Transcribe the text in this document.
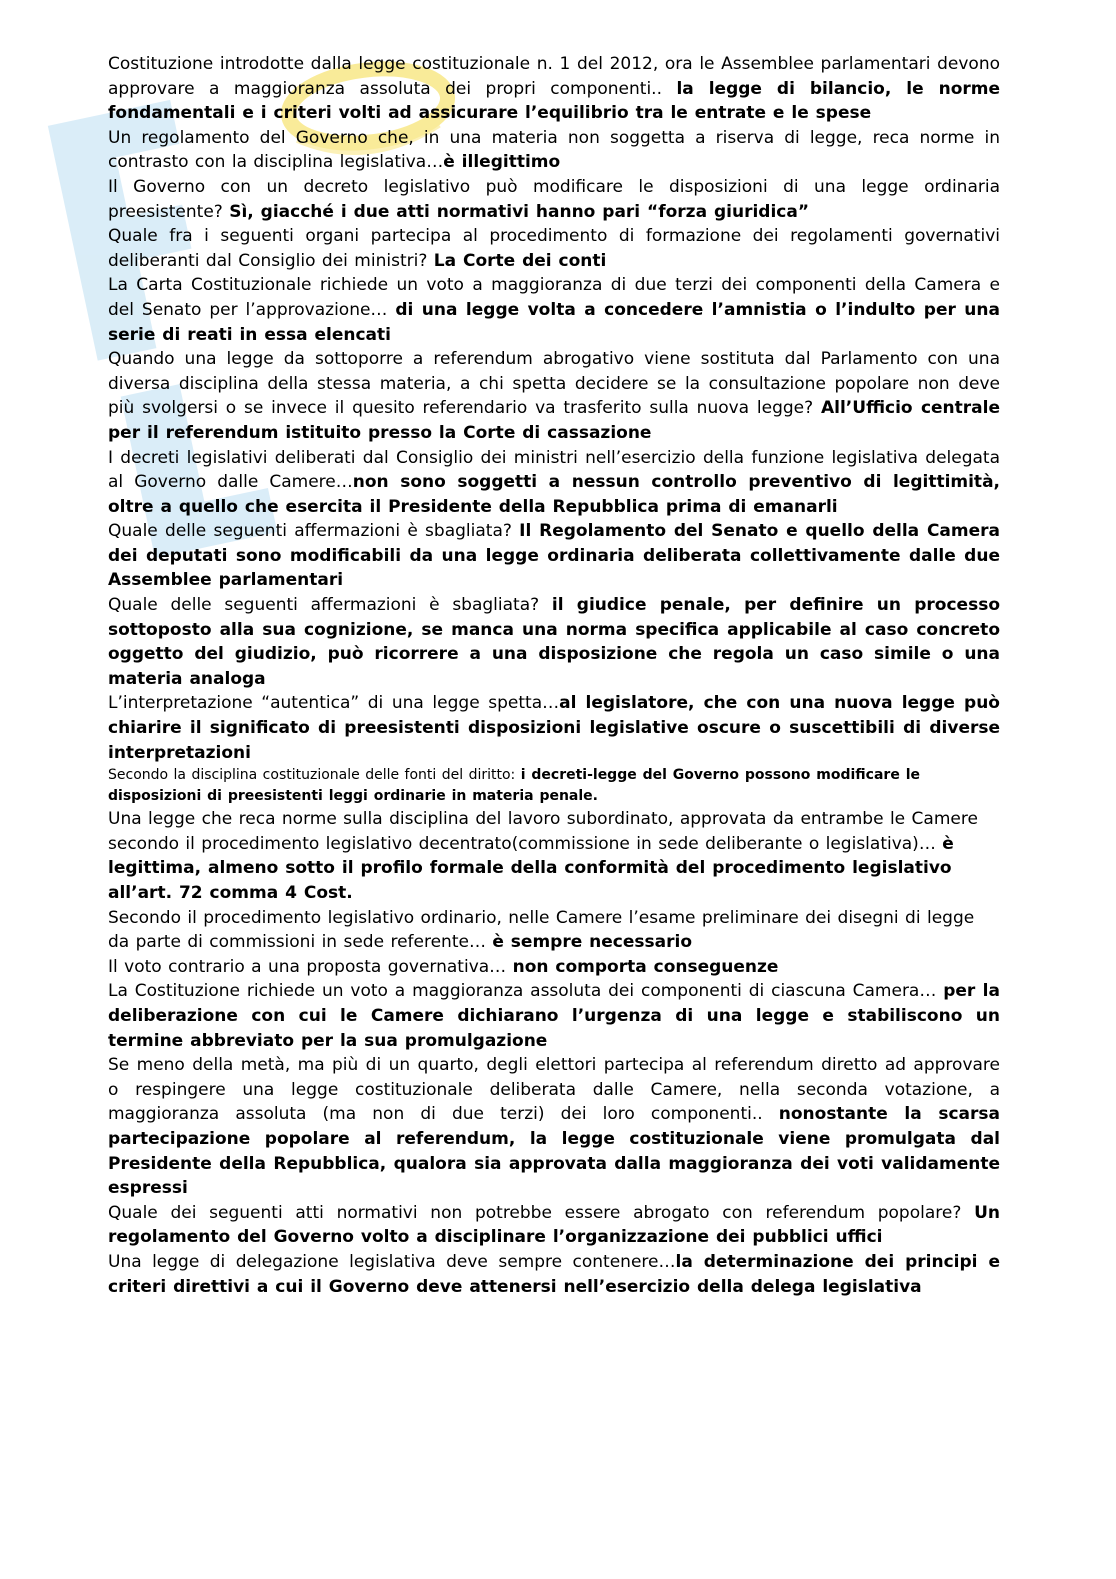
Costituzione introdotte dalla legge costituzionale n. 1 del 2012, ora le Assemblee parlamentari devono approvare a maggioranza assoluta dei propri componenti.. la legge di bilancio, le norme fondamentali e i criteri volti ad assicurare l’equilibrio tra le entrate e le spese

Un regolamento del Governo che, in una materia non soggetta a riserva di legge, reca norme in contrasto con la disciplina legislativa…è illegittimo

Il Governo con un decreto legislativo può modificare le disposizioni di una legge ordinaria preesistente? Sì, giacché i due atti normativi hanno pari “forza giuridica”

Quale fra i seguenti organi partecipa al procedimento di formazione dei regolamenti governativi deliberanti dal Consiglio dei ministri? La Corte dei conti

La Carta Costituzionale richiede un voto a maggioranza di due terzi dei componenti della Camera e del Senato per l’approvazione… di una legge volta a concedere l’amnistia o l’indulto per una serie di reati in essa elencati

Quando una legge da sottoporre a referendum abrogativo viene sostituta dal Parlamento con una diversa disciplina della stessa materia, a chi spetta decidere se la consultazione popolare non deve più svolgersi o se invece il quesito referendario va trasferito sulla nuova legge? All’Ufficio centrale per il referendum istituito presso la Corte di cassazione

I decreti legislativi deliberati dal Consiglio dei ministri nell’esercizio della funzione legislativa delegata al Governo dalle Camere…non sono soggetti a nessun controllo preventivo di legittimità, oltre a quello che esercita il Presidente della Repubblica prima di emanarli

Quale delle seguenti affermazioni è sbagliata? Il Regolamento del Senato e quello della Camera dei deputati sono modificabili da una legge ordinaria deliberata collettivamente dalle due Assemblee parlamentari

Quale delle seguenti affermazioni è sbagliata? il giudice penale, per definire un processo sottoposto alla sua cognizione, se manca una norma specifica applicabile al caso concreto oggetto del giudizio, può ricorrere a una disposizione che regola un caso simile o una materia analoga

L’interpretazione “autentica” di una legge spetta…al legislatore, che con una nuova legge può chiarire il significato di preesistenti disposizioni legislative oscure o suscettibili di diverse interpretazioni

Secondo la disciplina costituzionale delle fonti del diritto: i decreti-legge del Governo possono modificare le disposizioni di preesistenti leggi ordinarie in materia penale.

Una legge che reca norme sulla disciplina del lavoro subordinato, approvata da entrambe le Camere secondo il procedimento legislativo decentrato(commissione in sede deliberante o legislativa)… è legittima, almeno sotto il profilo formale della conformità del procedimento legislativo all’art. 72 comma 4 Cost.

Secondo il procedimento legislativo ordinario, nelle Camere l’esame preliminare dei disegni di legge da parte di commissioni in sede referente… è sempre necessario

Il voto contrario a una proposta governativa… non comporta conseguenze

La Costituzione richiede un voto a maggioranza assoluta dei componenti di ciascuna Camera… per la deliberazione con cui le Camere dichiarano l’urgenza di una legge e stabiliscono un termine abbreviato per la sua promulgazione

Se meno della metà, ma più di un quarto, degli elettori partecipa al referendum diretto ad approvare o respingere una legge costituzionale deliberata dalle Camere, nella seconda votazione, a maggioranza assoluta (ma non di due terzi) dei loro componenti.. nonostante la scarsa partecipazione popolare al referendum, la legge costituzionale viene promulgata dal Presidente della Repubblica, qualora sia approvata dalla maggioranza dei voti validamente espressi

Quale dei seguenti atti normativi non potrebbe essere abrogato con referendum popolare? Un regolamento del Governo volto a disciplinare l’organizzazione dei pubblici uffici

Una legge di delegazione legislativa deve sempre contenere…la determinazione dei principi e criteri direttivi a cui il Governo deve attenersi nell’esercizio della delega legislativa
